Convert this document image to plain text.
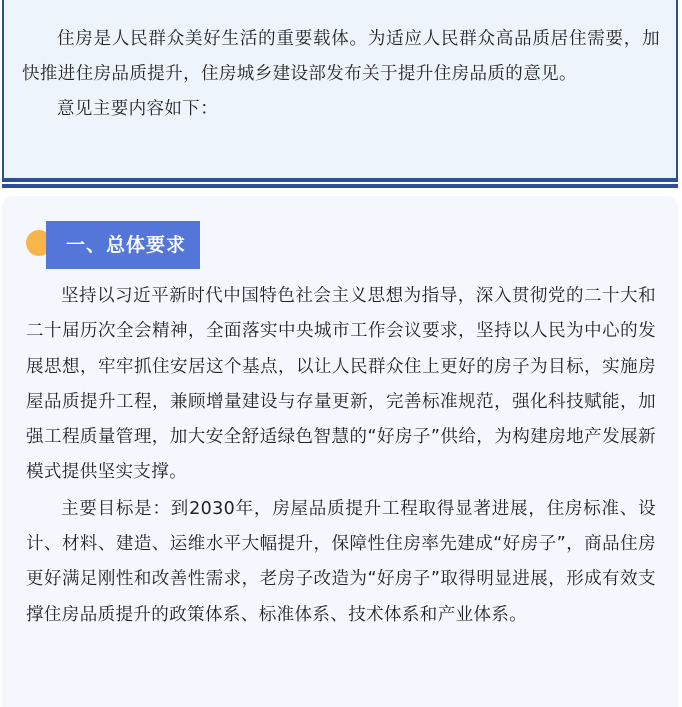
住房是人民群众美好生活的重要载体。为适应人民群众高品质居住需要，加快推进住房品质提升，住房城乡建设部发布关于提升住房品质的意见。

意见主要内容如下：

一、总体要求

坚持以习近平新时代中国特色社会主义思想为指导，深入贯彻党的二十大和二十届历次全会精神，全面落实中央城市工作会议要求，坚持以人民为中心的发展思想，牢牢抓住安居这个基点，以让人民群众住上更好的房子为目标，实施房屋品质提升工程，兼顾增量建设与存量更新，完善标准规范，强化科技赋能，加强工程质量管理，加大安全舒适绿色智慧的“好房子”供给，为构建房地产发展新模式提供坚实支撑。

主要目标是：到2030年，房屋品质提升工程取得显著进展，住房标准、设计、材料、建造、运维水平大幅提升，保障性住房率先建成“好房子”，商品住房更好满足刚性和改善性需求，老房子改造为“好房子”取得明显进展，形成有效支撑住房品质提升的政策体系、标准体系、技术体系和产业体系。
